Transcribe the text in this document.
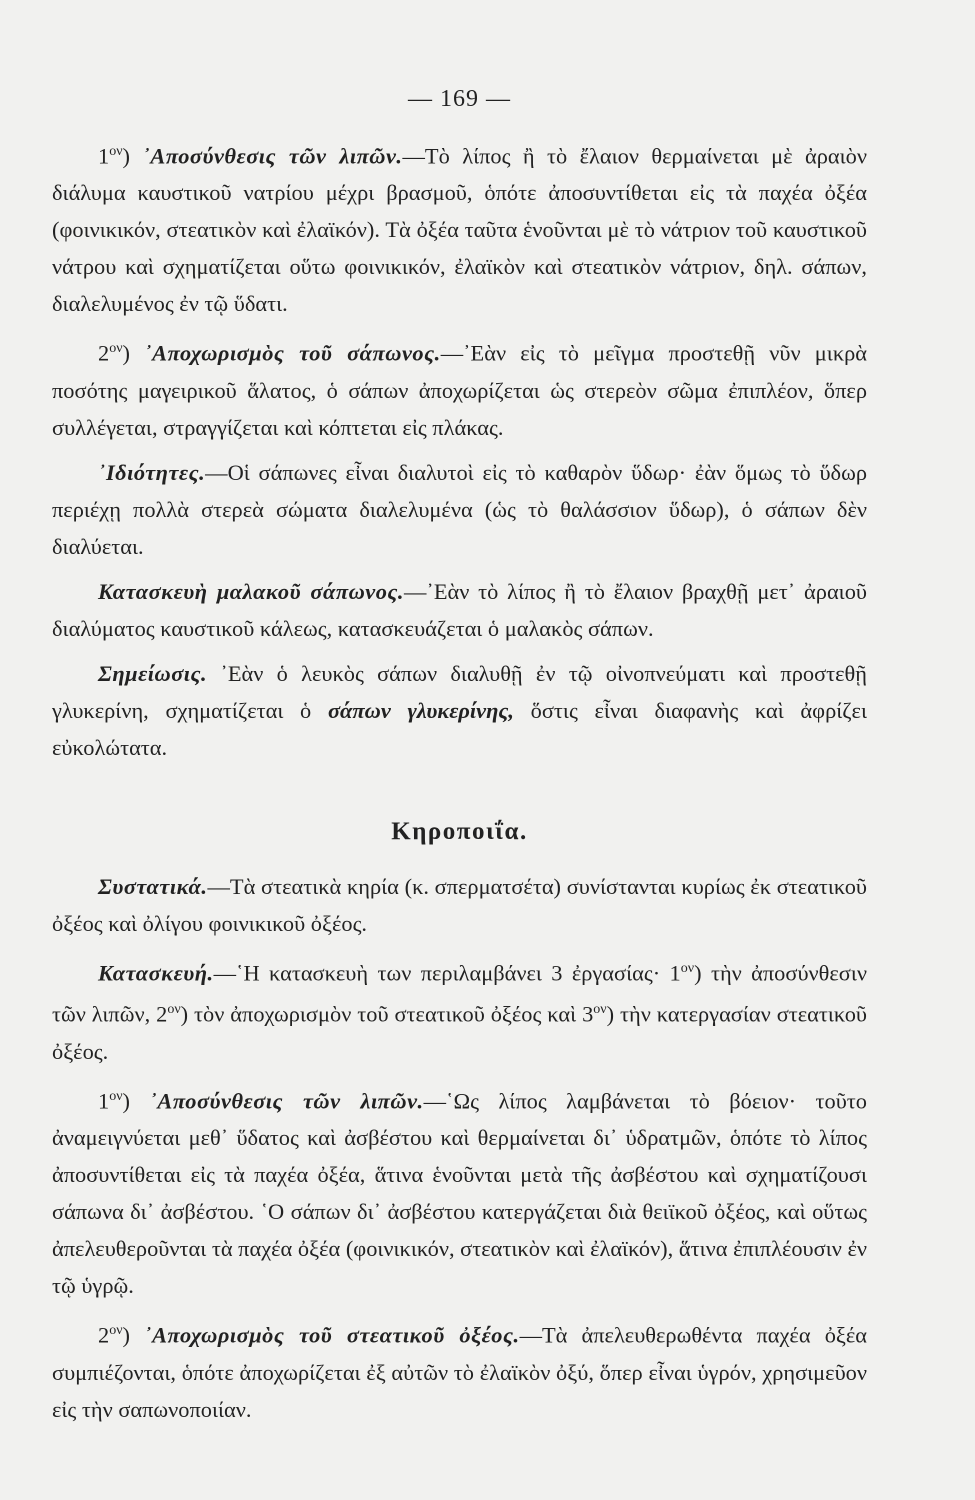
— 169 —

$1^{o\nu}$) ᾽Αποσύνθεσις τῶν λιπῶν.—Τὸ λίπος ἢ τὸ ἔλαιον θερμαίνεται μὲ ἀραιὸν διάλυμα καυστικοῦ νατρίου μέχρι βρασμοῦ, ὁπότε ἀποσυντίθεται εἰς τὰ παχέα ὀξέα (φοινικικόν, στεατικὸν καὶ ἐλαϊκόν). Τὰ ὀξέα ταῦτα ἑνοῦνται μὲ τὸ νάτριον τοῦ καυστικοῦ νάτρου καὶ σχηματίζεται οὕτω φοινικικόν, ἐλαϊκὸν καὶ στεατικὸν νάτριον, δηλ. σάπων, διαλελυμένος ἐν τῷ ὕδατι.

$2^{o\nu}$) ᾽Αποχωρισμὸς τοῦ σάπωνος.—᾽Εὰν εἰς τὸ μεῖγμα προστεθῇ νῦν μικρὰ ποσότης μαγειρικοῦ ἅλατος, ὁ σάπων ἀποχωρίζεται ὡς στερεὸν σῶμα ἐπιπλέον, ὅπερ συλλέγεται, στραγγίζεται καὶ κόπτεται εἰς πλάκας.

᾽Ιδιότητες.—Οἱ σάπωνες εἶναι διαλυτοὶ εἰς τὸ καθαρὸν ὕδωρ· ἐὰν ὅμως τὸ ὕδωρ περιέχῃ πολλὰ στερεὰ σώματα διαλελυμένα (ὡς τὸ θαλάσσιον ὕδωρ), ὁ σάπων δὲν διαλύεται.

Κατασκευὴ μαλακοῦ σάπωνος.—᾽Εὰν τὸ λίπος ἢ τὸ ἔλαιον βραχθῇ μετ᾽ ἀραιοῦ διαλύματος καυστικοῦ κάλεως, κατασκευάζεται ὁ μαλακὸς σάπων.

Σημείωσις. ᾽Εὰν ὁ λευκὸς σάπων διαλυθῇ ἐν τῷ οἰνοπνεύματι καὶ προστεθῇ γλυκερίνη, σχηματίζεται ὁ σάπων γλυκερίνης, ὅστις εἶναι διαφανὴς καὶ ἀφρίζει εὐκολώτατα.

Κηροποιΐα.

Συστατικά.—Τὰ στεατικὰ κηρία (κ. σπερματσέτα) συνίστανται κυρίως ἐκ στεατικοῦ ὀξέος καὶ ὀλίγου φοινικικοῦ ὀξέος.

Κατασκευή.—῾Η κατασκευὴ των περιλαμβάνει 3 ἐργασίας· $1^{o\nu}$) τὴν ἀποσύνθεσιν τῶν λιπῶν, $2^{o\nu}$) τὸν ἀποχωρισμὸν τοῦ στεατικοῦ ὀξέος καὶ $3^{o\nu}$) τὴν κατεργασίαν στεατικοῦ ὀξέος.

$1^{o\nu}$) ᾽Αποσύνθεσις τῶν λιπῶν.—῾Ως λίπος λαμβάνεται τὸ βόειον· τοῦτο ἀναμειγνύεται μεθ᾽ ὕδατος καὶ ἀσβέστου καὶ θερμαίνεται δι᾽ ὑδρατμῶν, ὁπότε τὸ λίπος ἀποσυντίθεται εἰς τὰ παχέα ὀξέα, ἅτινα ἑνοῦνται μετὰ τῆς ἀσβέστου καὶ σχηματίζουσι σάπωνα δι᾽ ἀσβέστου. ῾Ο σάπων δι᾽ ἀσβέστου κατεργάζεται διὰ θειϊκοῦ ὀξέος, καὶ οὕτως ἀπελευθεροῦνται τὰ παχέα ὀξέα (φοινικικόν, στεατικὸν καὶ ἐλαϊκόν), ἅτινα ἐπιπλέουσιν ἐν τῷ ὑγρῷ.

$2^{o\nu}$) ᾽Αποχωρισμὸς τοῦ στεατικοῦ ὀξέος.—Τὰ ἀπελευθερωθέντα παχέα ὀξέα συμπιέζονται, ὁπότε ἀποχωρίζεται ἐξ αὐτῶν τὸ ἐλαϊκὸν ὀξύ, ὅπερ εἶναι ὑγρόν, χρησιμεῦον εἰς τὴν σαπωνοποιίαν.
